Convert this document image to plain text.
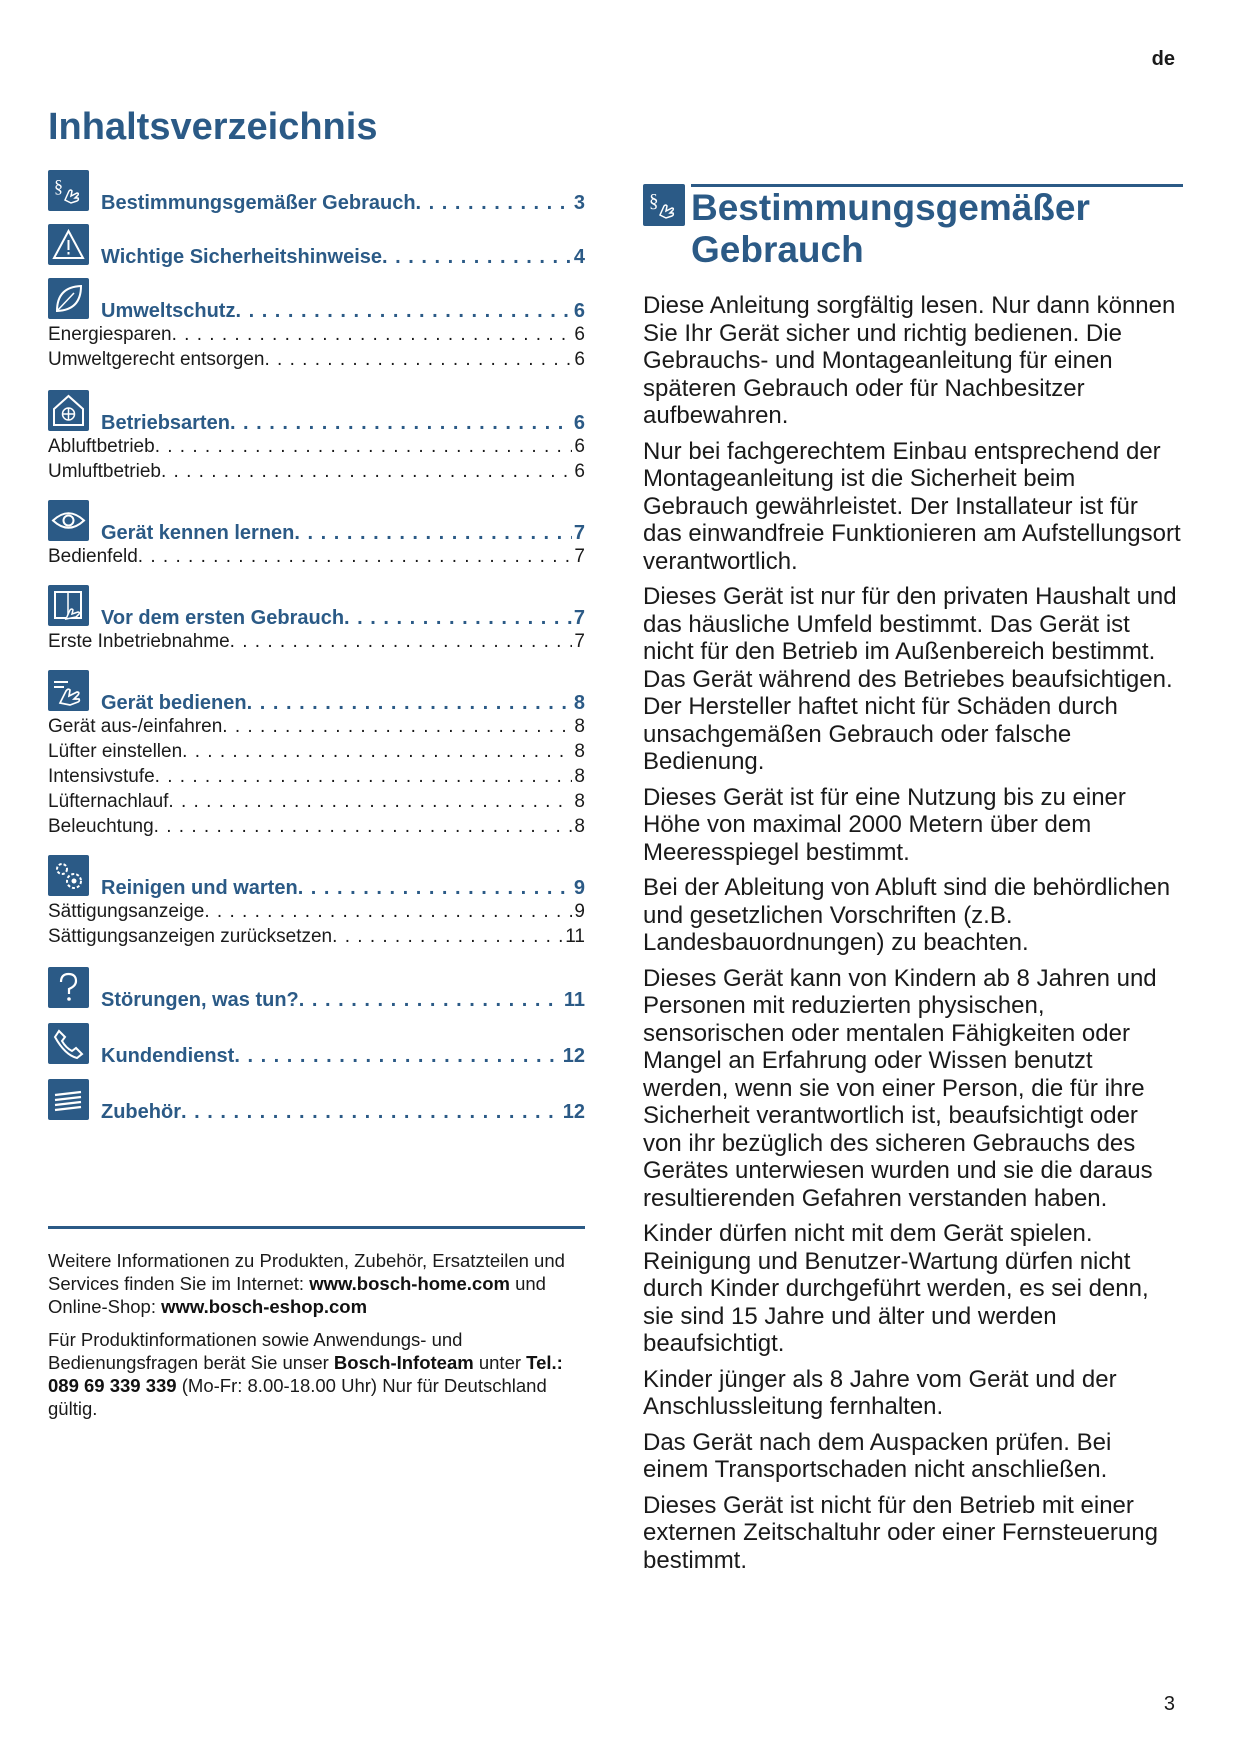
de
Inhaltsverzeichnis
§
Bestimmungsgemäßer Gebrauch . . .	3
Wichtige Sicherheitshinweise . . .	4
Umweltschutz . . .	6
Energiesparen . . .	6
Umweltgerecht entsorgen . . .	6
Betriebsarten . . .	6
Abluftbetrieb . . .	6
Umluftbetrieb . . .	6
Gerät kennen lernen . . .	7
Bedienfeld . . .	7
Vor dem ersten Gebrauch . . .	7
Erste Inbetriebnahme . . .	7
Gerät bedienen . . .	8
Gerät aus-/einfahren . . .	8
Lüfter einstellen . . .	8
Intensivstufe . . .	8
Lüfternachlauf . . .	8
Beleuchtung . . .	8
Reinigen und warten . . .	9
Sättigungsanzeige . . .	9
Sättigungsanzeigen zurücksetzen . . .	11
Störungen, was tun? . . .	11
Kundendienst . . .	12
Zubehör . . .	12

Weitere Informationen zu Produkten, Zubehör, Ersatzteilen und Services finden Sie im Internet: www.bosch-home.com und Online-Shop: www.bosch-eshop.com

Für Produktinformationen sowie Anwendungs- und Bedienungsfragen berät Sie unser Bosch-Infoteam unter Tel.: 089 69 339 339 (Mo-Fr: 8.00-18.00 Uhr) Nur für Deutschland gültig.

§ Bestimmungsgemäßer Gebrauch

Diese Anleitung sorgfältig lesen. Nur dann können Sie Ihr Gerät sicher und richtig bedienen. Die Gebrauchs- und Montageanleitung für einen späteren Gebrauch oder für Nachbesitzer aufbewahren.

Nur bei fachgerechtem Einbau entsprechend der Montageanleitung ist die Sicherheit beim Gebrauch gewährleistet. Der Installateur ist für das einwandfreie Funktionieren am Aufstellungsort verantwortlich.

Dieses Gerät ist nur für den privaten Haushalt und das häusliche Umfeld bestimmt. Das Gerät ist nicht für den Betrieb im Außenbereich bestimmt. Das Gerät während des Betriebes beaufsichtigen. Der Hersteller haftet nicht für Schäden durch unsachgemäßen Gebrauch oder falsche Bedienung.

Dieses Gerät ist für eine Nutzung bis zu einer Höhe von maximal 2000 Metern über dem Meeresspiegel bestimmt.

Bei der Ableitung von Abluft sind die behördlichen und gesetzlichen Vorschriften (z.B. Landesbauordnungen) zu beachten.

Dieses Gerät kann von Kindern ab 8 Jahren und Personen mit reduzierten physischen, sensorischen oder mentalen Fähigkeiten oder Mangel an Erfahrung oder Wissen benutzt werden, wenn sie von einer Person, die für ihre Sicherheit verantwortlich ist, beaufsichtigt oder von ihr bezüglich des sicheren Gebrauchs des Gerätes unterwiesen wurden und sie die daraus resultierenden Gefahren verstanden haben.

Kinder dürfen nicht mit dem Gerät spielen. Reinigung und Benutzer-Wartung dürfen nicht durch Kinder durchgeführt werden, es sei denn, sie sind 15 Jahre und älter und werden beaufsichtigt.

Kinder jünger als 8 Jahre vom Gerät und der Anschlussleitung fernhalten.

Das Gerät nach dem Auspacken prüfen. Bei einem Transportschaden nicht anschließen.

Dieses Gerät ist nicht für den Betrieb mit einer externen Zeitschaltuhr oder einer Fernsteuerung bestimmt.

3
